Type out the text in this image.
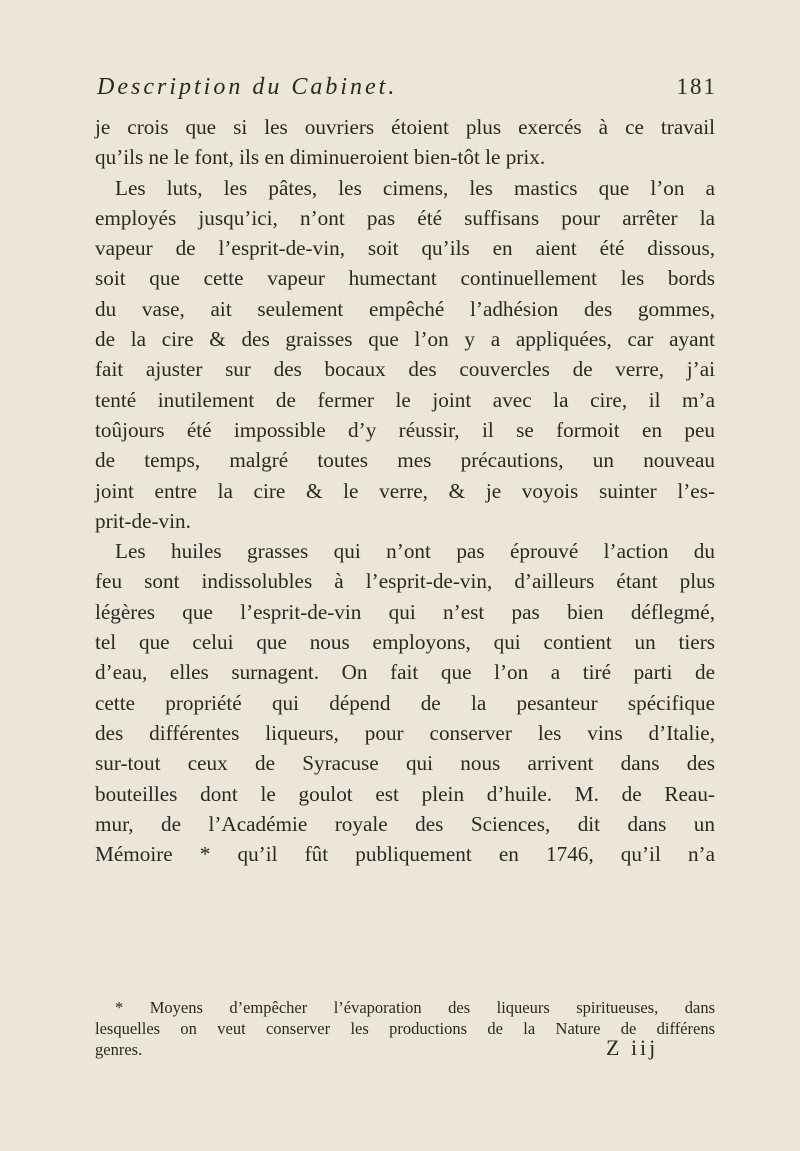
Description du Cabinet.	181
je crois que si les ouvriers étoient plus exercés à ce travail
qu’ils ne le font, ils en diminueroient bien-tôt le prix.
Les luts, les pâtes, les cimens, les mastics que l’on a
employés jusqu’ici, n’ont pas été suffisans pour arrêter la
vapeur de l’esprit-de-vin, soit qu’ils en aient été dissous,
soit que cette vapeur humectant continuellement les bords
du vase, ait seulement empêché l’adhésion des gommes,
de la cire & des graisses que l’on y a appliquées, car ayant
fait ajuster sur des bocaux des couvercles de verre, j’ai
tenté inutilement de fermer le joint avec la cire, il m’a
toûjours été impossible d’y réussir, il se formoit en peu
de temps, malgré toutes mes précautions, un nouveau
joint entre la cire & le verre, & je voyois suinter l’es-
prit-de-vin.
Les huiles grasses qui n’ont pas éprouvé l’action du
feu sont indissolubles à l’esprit-de-vin, d’ailleurs étant plus
légères que l’esprit-de-vin qui n’est pas bien déflegmé,
tel que celui que nous employons, qui contient un tiers
d’eau, elles surnagent. On fait que l’on a tiré parti de
cette propriété qui dépend de la pesanteur spécifique
des différentes liqueurs, pour conserver les vins d’Italie,
sur-tout ceux de Syracuse qui nous arrivent dans des
bouteilles dont le goulot est plein d’huile. M. de Reau-
mur, de l’Académie royale des Sciences, dit dans un
Mémoire * qu’il fût publiquement en 1746, qu’il n’a
* Moyens d’empêcher l’évaporation des liqueurs spiritueuses, dans
lesquelles on veut conserver les productions de la Nature de différens
genres.	Z iij
